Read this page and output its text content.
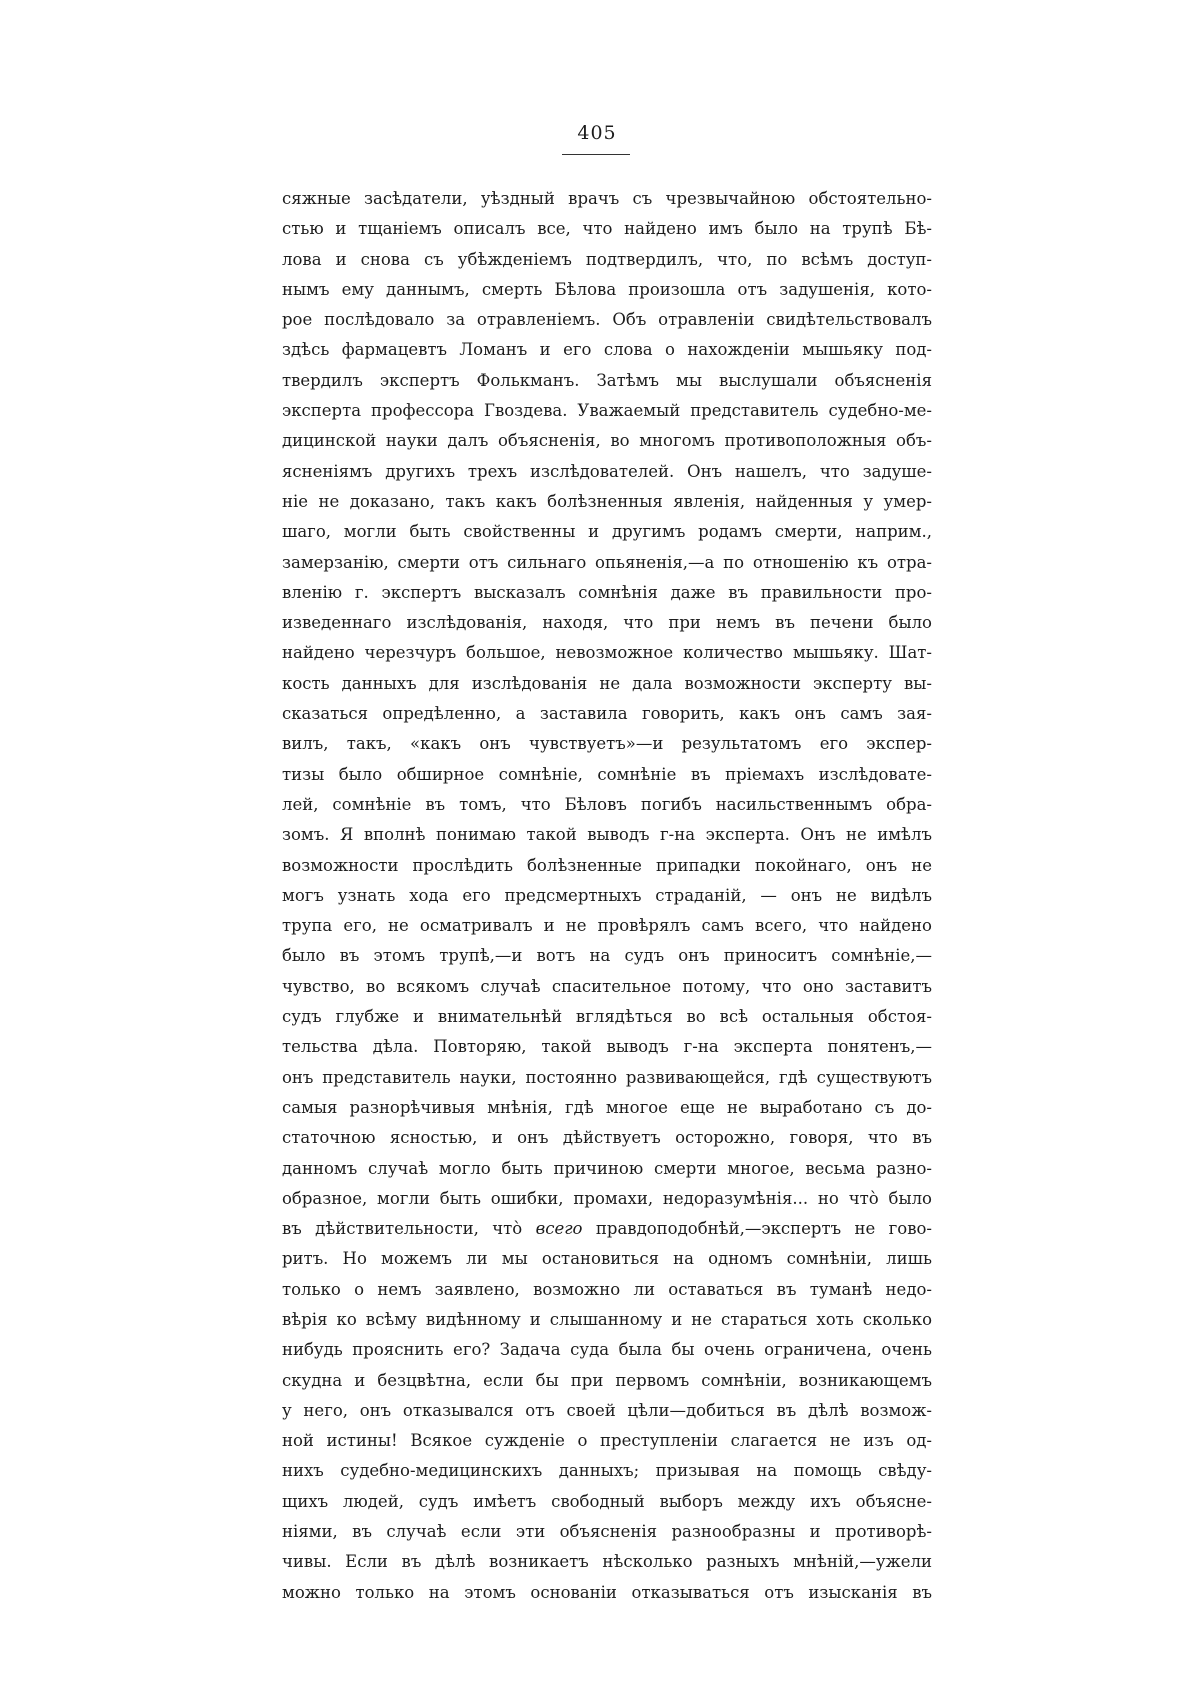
405
сяжные засѣдатели, уѣздный врачъ съ чрезвычайною обстоятельно-
стью и тщаніемъ описалъ все, что найдено имъ было на трупѣ Бѣ-
лова и снова съ убѣжденіемъ подтвердилъ, что, по всѣмъ доступ-
нымъ ему даннымъ, смерть Бѣлова произошла отъ задушенія, кото-
рое послѣдовало за отравленіемъ. Объ отравленіи свидѣтельствовалъ
здѣсь фармацевтъ Ломанъ и его слова о нахожденіи мышьяку под-
твердилъ экспертъ Фолькманъ. Затѣмъ мы выслушали объясненія
эксперта профессора Гвоздева. Уважаемый представитель судебно-ме-
дицинской науки далъ объясненія, во многомъ противоположныя объ-
ясненіямъ другихъ трехъ изслѣдователей. Онъ нашелъ, что задуше-
ніе не доказано, такъ какъ болѣзненныя явленія, найденныя у умер-
шаго, могли быть свойственны и другимъ родамъ смерти, наприм.,
замерзанію, смерти отъ сильнаго опьяненія,—а по отношенію къ отра-
вленію г. экспертъ высказалъ сомнѣнія даже въ правильности про-
изведеннаго изслѣдованія, находя, что при немъ въ печени было
найдено черезчуръ большое, невозможное количество мышьяку. Шат-
кость данныхъ для изслѣдованія не дала возможности эксперту вы-
сказаться опредѣленно, а заставила говорить, какъ онъ самъ зая-
вилъ, такъ, «какъ онъ чувствуетъ»—и результатомъ его экспер-
тизы было обширное сомнѣніе, сомнѣніе въ пріемахъ изслѣдовате-
лей, сомнѣніе въ томъ, что Бѣловъ погибъ насильственнымъ обра-
зомъ. Я вполнѣ понимаю такой выводъ г-на эксперта. Онъ не имѣлъ
возможности прослѣдить болѣзненные припадки покойнаго, онъ не
могъ узнать хода его предсмертныхъ страданій, — онъ не видѣлъ
трупа его, не осматривалъ и не провѣрялъ самъ всего, что найдено
было въ этомъ трупѣ,—и вотъ на судъ онъ приноситъ сомнѣніе,—
чувство, во всякомъ случаѣ спасительное потому, что оно заставитъ
судъ глубже и внимательнѣй вглядѣться во всѣ остальныя обстоя-
тельства дѣла. Повторяю, такой выводъ г-на эксперта понятенъ,—
онъ представитель науки, постоянно развивающейся, гдѣ существуютъ
самыя разнорѣчивыя мнѣнія, гдѣ многое еще не выработано съ до-
статочною ясностью, и онъ дѣйствуетъ осторожно, говоря, что въ
данномъ случаѣ могло быть причиною смерти многое, весьма разно-
образное, могли быть ошибки, промахи, недоразумѣнія... но что̀ было
въ дѣйствительности, что̀ всего правдоподобнѣй,—экспертъ не гово-
ритъ. Но можемъ ли мы остановиться на одномъ сомнѣніи, лишь
только о немъ заявлено, возможно ли оставаться въ туманѣ недо-
вѣрія ко всѣму видѣнному и слышанному и не стараться хоть сколько
нибудь прояснить его? Задача суда была бы очень ограничена, очень
скудна и безцвѣтна, если бы при первомъ сомнѣніи, возникающемъ
у него, онъ отказывался отъ своей цѣли—добиться въ дѣлѣ возмож-
ной истины! Всякое сужденіе о преступленіи слагается не изъ од-
нихъ судебно-медицинскихъ данныхъ; призывая на помощь свѣду-
щихъ людей, судъ имѣетъ свободный выборъ между ихъ объясне-
ніями, въ случаѣ если эти объясненія разнообразны и противорѣ-
чивы. Если въ дѣлѣ возникаетъ нѣсколько разныхъ мнѣній,—ужели
можно только на этомъ основаніи отказываться отъ изысканія въ
